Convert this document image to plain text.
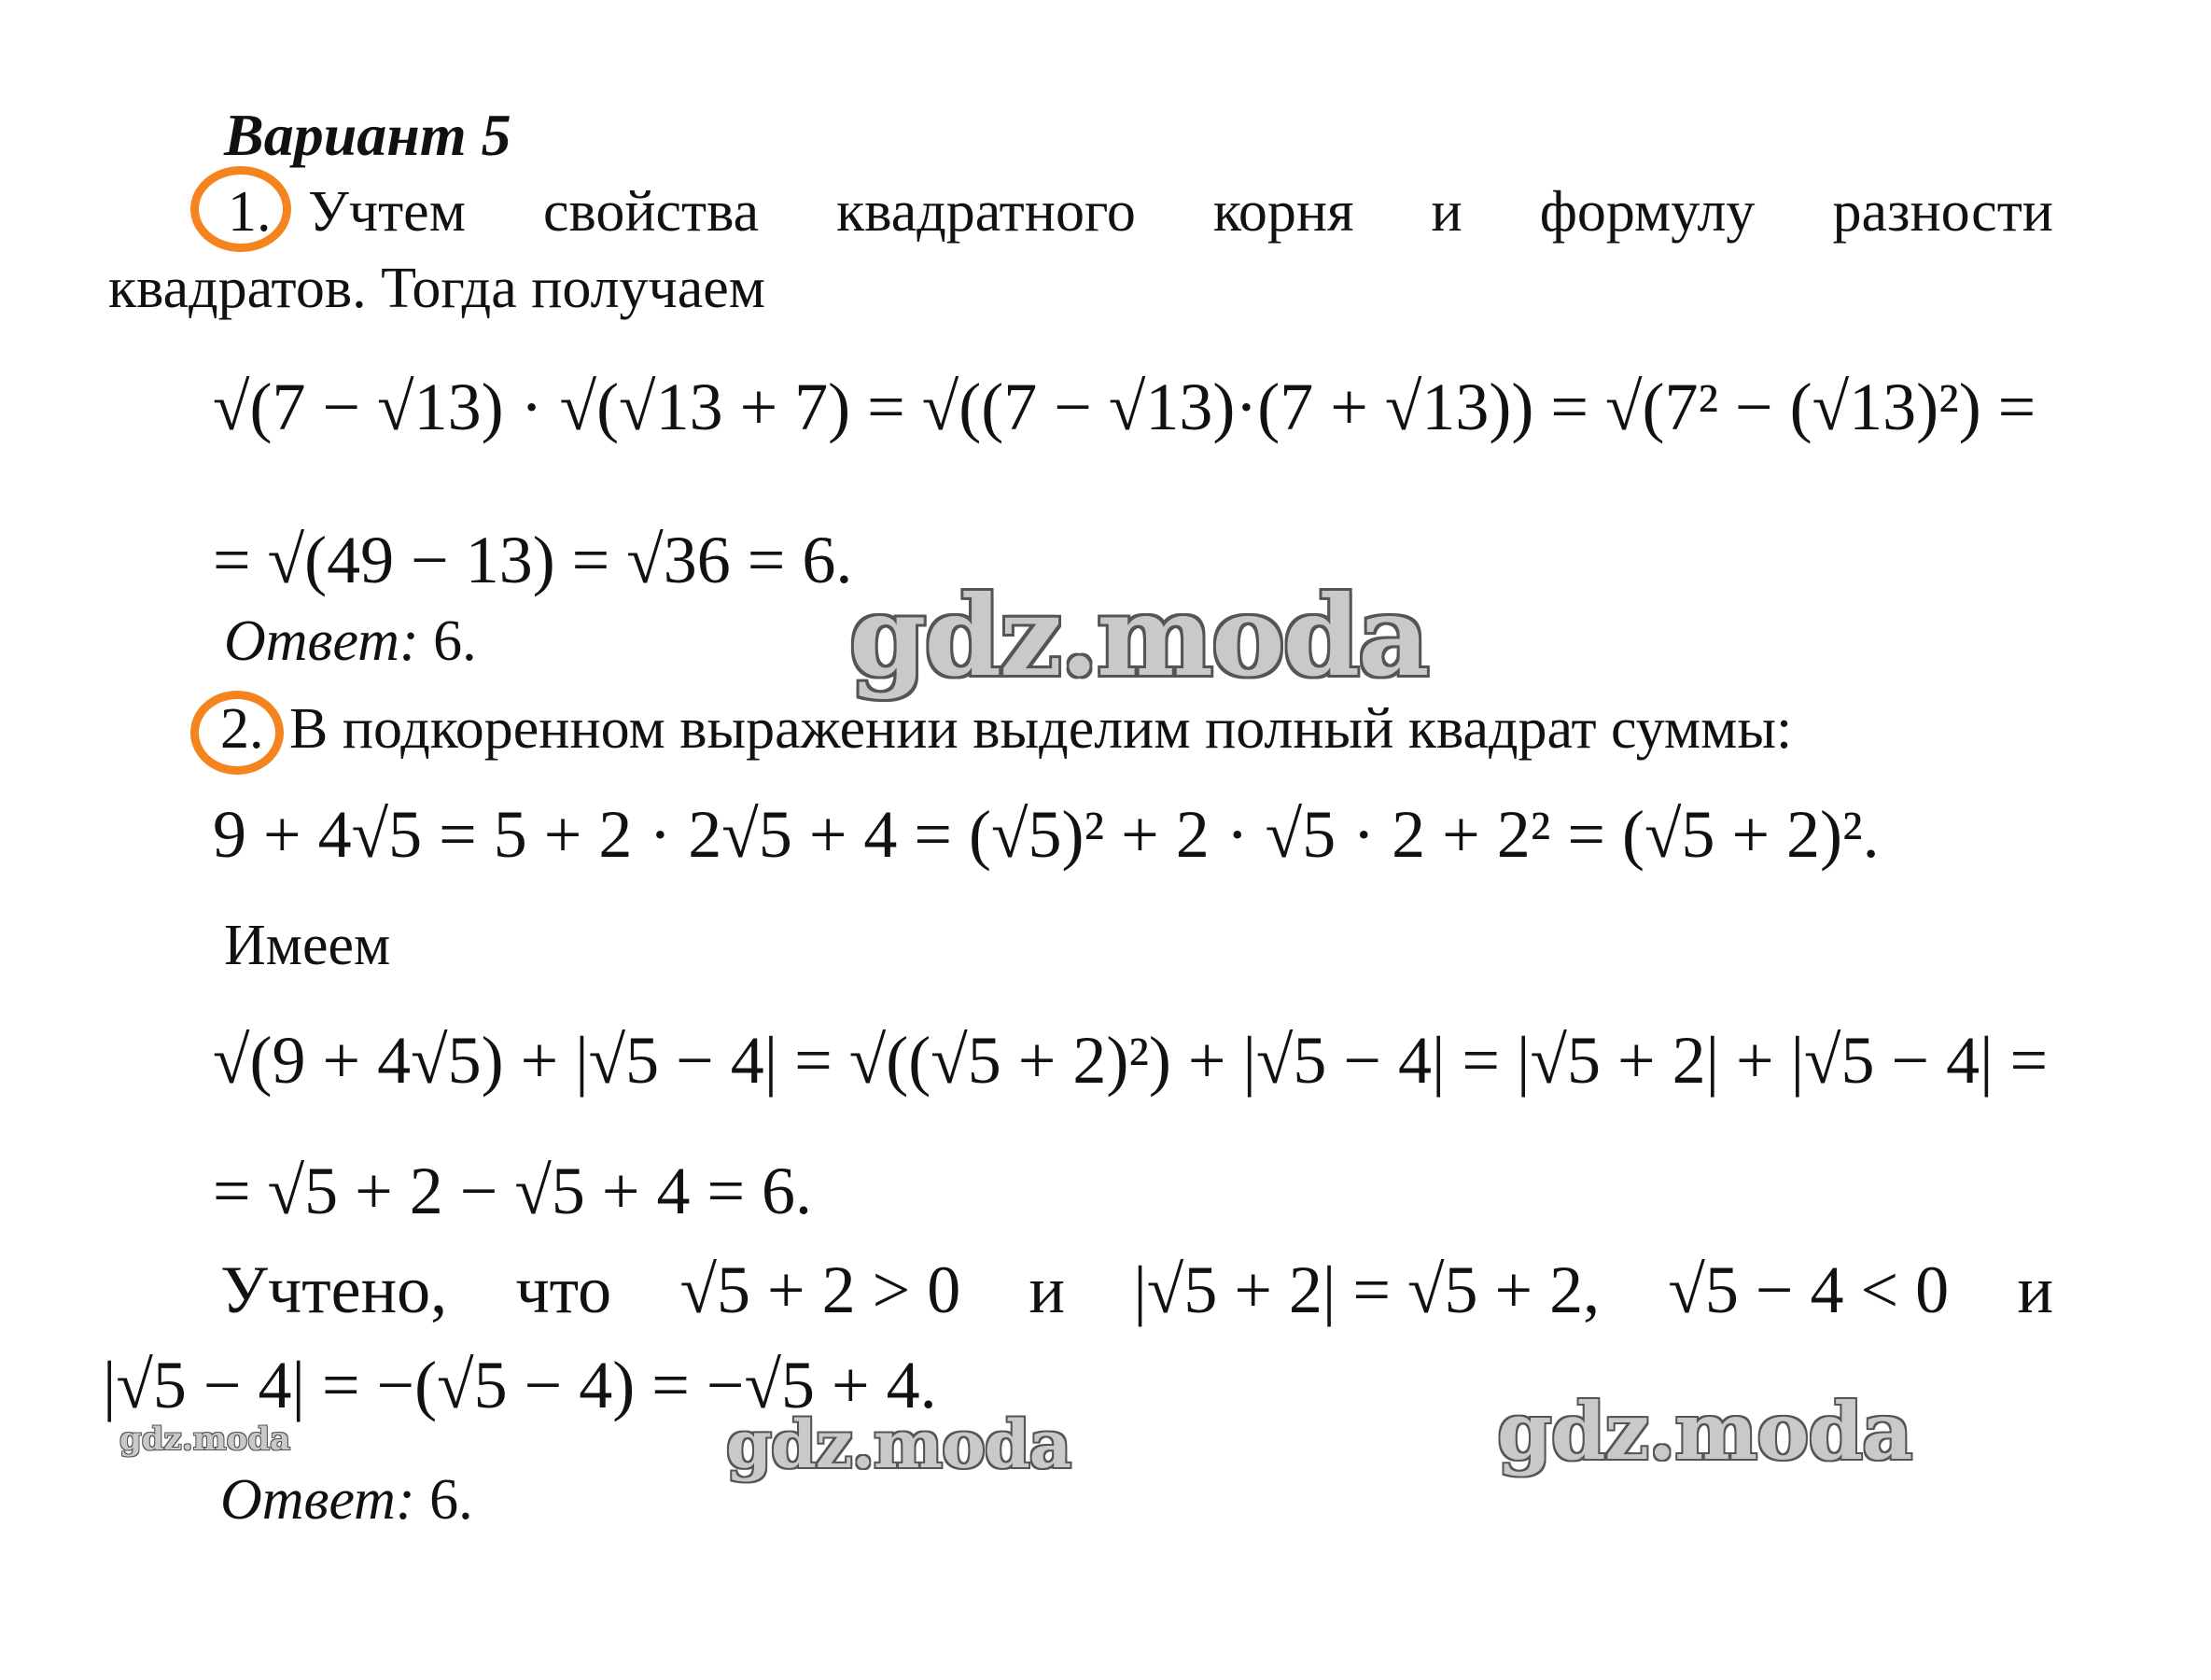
Вариант 5
1. Учтем свойства квадратного корня и формулу разности
квадратов. Тогда получаем
√(7 − √13) · √(√13 + 7) = √((7 − √13)·(7 + √13)) = √(7² − (√13)²) =
= √(49 − 13) = √36 = 6.
Ответ: 6.
2. В подкоренном выражении выделим полный квадрат суммы:
9 + 4√5 = 5 + 2 · 2√5 + 4 = (√5)² + 2 · √5 · 2 + 2² = (√5 + 2)².
Имеем
√(9 + 4√5) + |√5 − 4| = √((√5 + 2)²) + |√5 − 4| = |√5 + 2| + |√5 − 4| =
= √5 + 2 − √5 + 4 = 6.
Учтено, что √5 + 2 > 0 и |√5 + 2| = √5 + 2, √5 − 4 < 0 и
|√5 − 4| = −(√5 − 4) = −√5 + 4.
Ответ: 6.
gdz.moda
gdz.moda	gdz.moda	gdz.moda
